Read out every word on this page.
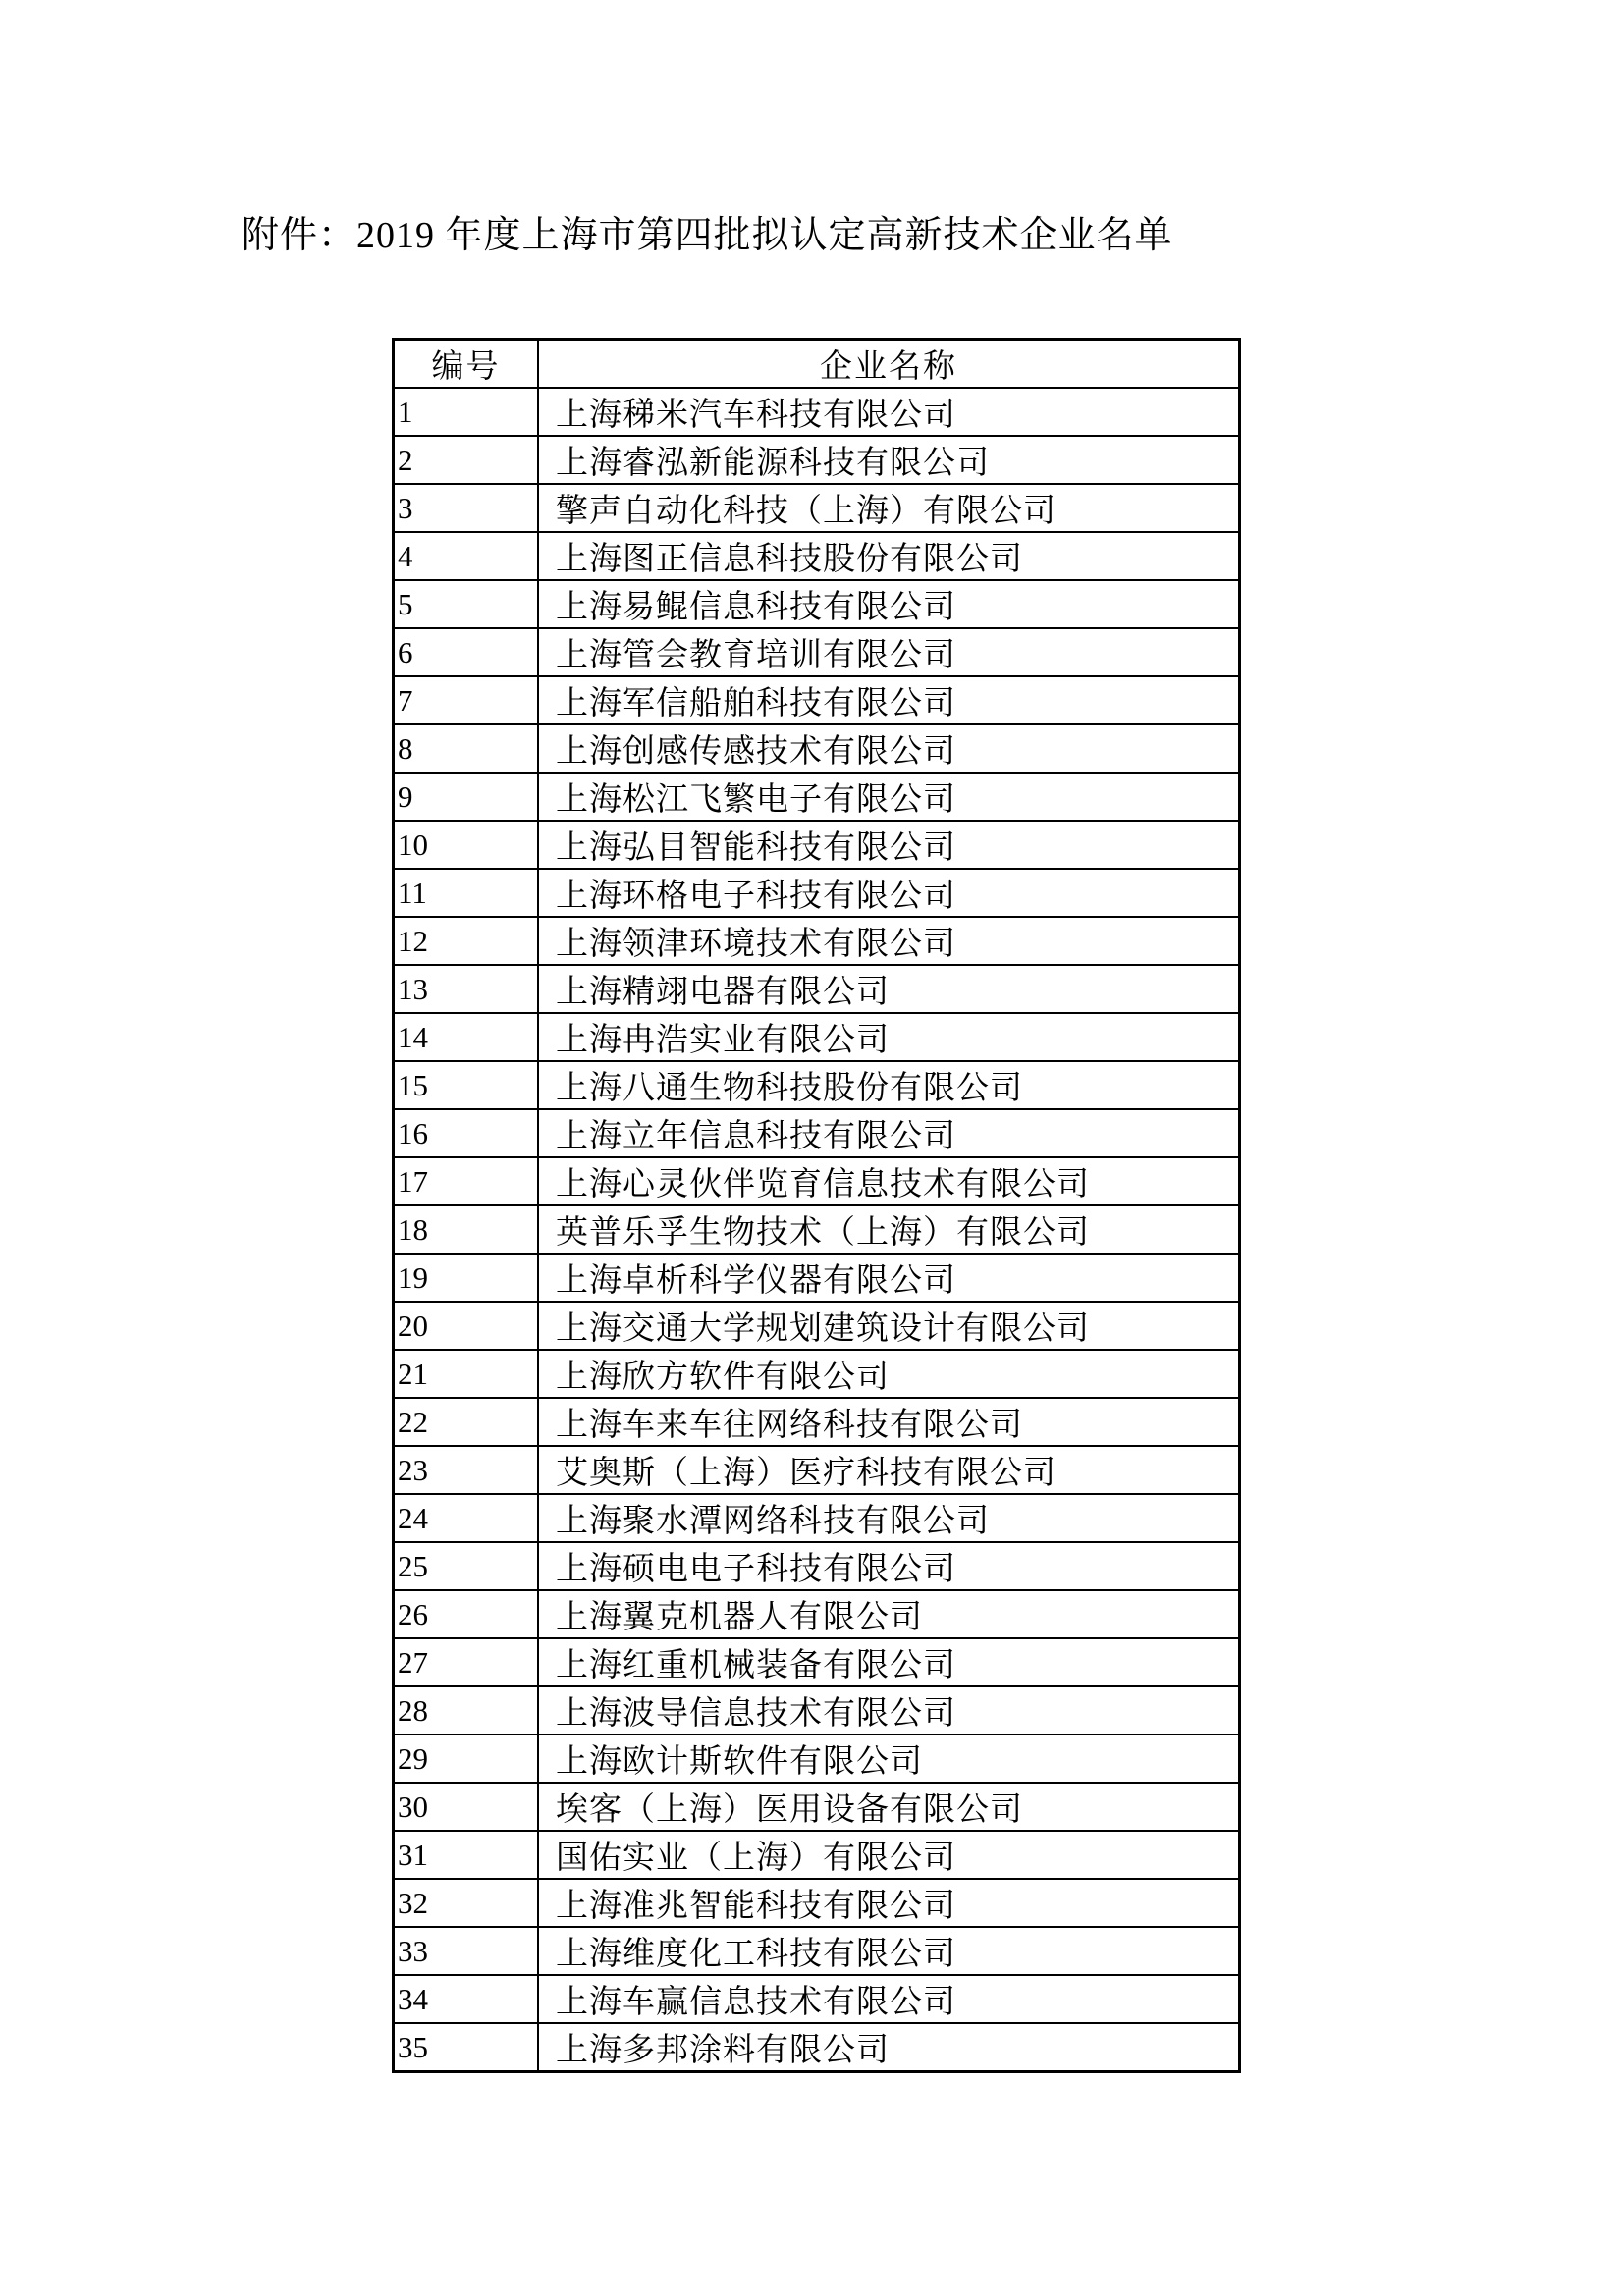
附件：2019 年度上海市第四批拟认定高新技术企业名单
编号	企业名称
1	上海稊米汽车科技有限公司
2	上海睿泓新能源科技有限公司
3	擎声自动化科技（上海）有限公司
4	上海图正信息科技股份有限公司
5	上海易鲲信息科技有限公司
6	上海管会教育培训有限公司
7	上海军信船舶科技有限公司
8	上海创感传感技术有限公司
9	上海松江飞繁电子有限公司
10	上海弘目智能科技有限公司
11	上海环格电子科技有限公司
12	上海领津环境技术有限公司
13	上海精翊电器有限公司
14	上海冉浩实业有限公司
15	上海八通生物科技股份有限公司
16	上海立年信息科技有限公司
17	上海心灵伙伴览育信息技术有限公司
18	英普乐孚生物技术（上海）有限公司
19	上海卓析科学仪器有限公司
20	上海交通大学规划建筑设计有限公司
21	上海欣方软件有限公司
22	上海车来车往网络科技有限公司
23	艾奥斯（上海）医疗科技有限公司
24	上海聚水潭网络科技有限公司
25	上海硕电电子科技有限公司
26	上海翼克机器人有限公司
27	上海红重机械装备有限公司
28	上海波导信息技术有限公司
29	上海欧计斯软件有限公司
30	埃客（上海）医用设备有限公司
31	国佑实业（上海）有限公司
32	上海准兆智能科技有限公司
33	上海维度化工科技有限公司
34	上海车赢信息技术有限公司
35	上海多邦涂料有限公司
